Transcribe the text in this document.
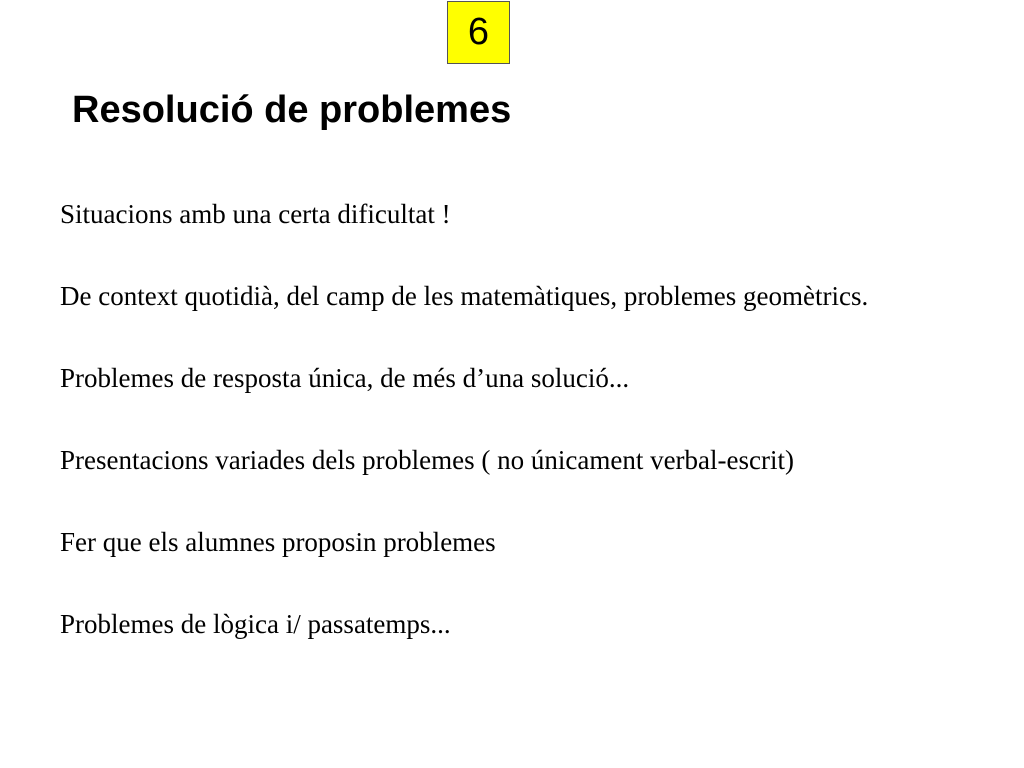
6
Resolució de problemes

Situacions amb una certa dificultat !

De context quotidià, del camp de les matemàtiques, problemes geomètrics.

Problemes de resposta única, de més d’una solució...

Presentacions variades dels problemes ( no únicament verbal-escrit)

Fer que els alumnes proposin problemes

Problemes de lògica i/ passatemps...
